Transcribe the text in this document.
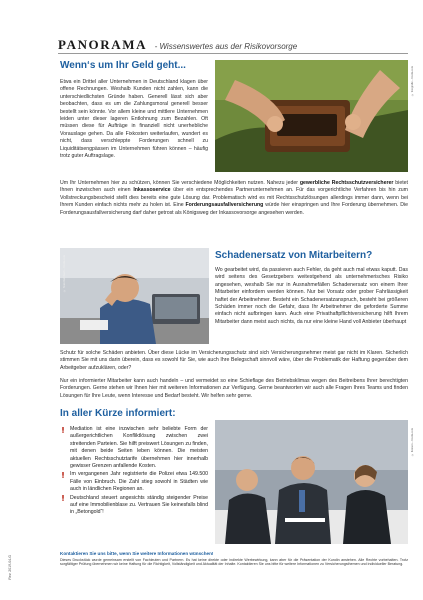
PANORAMA - Wissenswertes aus der Risikovorsorge
Wenn‘s um Ihr Geld geht...
Etwa ein Drittel aller Unternehmen in Deutschland klagen über offene Rechnungen. Weshalb Kunden nicht zahlen, kann die unterschiedlichsten Gründe haben. Generell lässt sich aber beobachten, dass es um die Zahlungsmoral generell besser bestellt sein könnte. Vor allem kleine und mittlere Unternehmen leiden unter dieser lageren Entlohnung zum Bezahlen. Oft müssen diese für Aufträge in finanziell nicht unerhebliche Vorauslage gehen. Da alle Fixkosten weiterlaufen, wundert es nicht, dass verschleppte Forderungen schnell zu Liquiditätsengpässen im Unternehmen führen können – häufig trotz guter Auftragslage.
© fotografie – fotolia.com
Um Ihr Unternehmen hier zu schützen, können Sie verschiedene Möglichkeiten nutzen. Nahezu jeder gewerbliche Rechtsschutzversicherer bietet Ihnen inzwischen auch einen Inkassoservice über ein entsprechendes Partnerunternehmen an. Für das vorgerichtliche Verfahren bis hin zum Vollstreckungsbescheid stellt dies bereits eine gute Lösung dar. Problematisch wird es mit Rechtsschutzlösungen allerdings immer dann, wenn bei Ihrem Kunden einfach nichts mehr zu holen ist. Eine Forderungsausfallversicherung würde hier einspringen und Ihre Forderung übernehmen. Die Forderungsausfallversicherung darf daher getrost als Königsweg der Inkassovorsorge angesehen werden.
© Sven Kernbach – fotolia.com	Schadenersatz von Mitarbeitern?
Wo gearbeitet wird, da passieren auch Fehler, da geht auch mal etwas kaputt. Das wird seitens des Gesetzgebers weitestgehend als unternehmerisches Risiko angesehen, weshalb Sie nur in Ausnahmefällen Schadenersatz von einem Ihrer Mitarbeiter einfordern werden können. Nur bei Vorsatz oder grober Fahrlässigkeit haftet der Arbeitnehmer. Besteht ein Schadenersatzanspruch, besteht bei größeren Schäden immer noch die Gefahr, dass Ihr Arbeitnehmer die geforderte Summe einfach nicht aufbringen kann. Auch eine Privathaftpflichtversicherung hilft Ihrem Mitarbeiter dann meist auch nichts, da nur eine kleine Hand voll Anbieter überhaupt
Schutz für solche Schäden anbieten. Über diese Lücke im Versicherungsschutz sind sich Versicherungsnehmer meist gar nicht im Klaren. Sicherlich stimmen Sie mit uns darin überein, dass es sowohl für Sie, wie auch Ihre Belegschaft sinnvoll wäre, über die Problematik der Haftung gegenüber dem Arbeitgeber aufzuklären, oder?
Nur ein informierter Mitarbeiter kann auch handeln – und vermeidet so eine Schieflage des Betriebsklimas wegen des Beitreibens Ihrer berechtigten Forderungen. Gerne stehen wir Ihnen hier mit weiteren Informationen zur Verfügung. Gerne beantworten wir auch alle Fragen Ihres Teams und finden Lösungen für Ihre Leute, wenn Interesse und Bedarf besteht. Wir helfen sehr gerne.
In aller Kürze informiert:
Mediation ist eine inzwischen sehr beliebte Form der außergerichtlichen Konfliktlösung zwischen zwei streitenden Parteien. Sie hilft preiswert Lösungen zu finden, mit denen beide Seiten leben können. Die meisten aktuellen Rechtsschutztarife übernehmen hier innerhalb gewisser Grenzen anfallende Kosten.
Im vergangenen Jahr registrierte die Polizei etwa 149.500 Fälle von Einbruch. Die Zahl stieg sowohl in Städten wie auch in ländlichen Regionen an.
Deutschland steuert angesichts ständig steigender Preise auf eine Immobilienblase zu. Vertrauen Sie keinesfalls blind in „Betongold“!
© Kzenon – fotolia.com
Kontaktieren Sie uns bitte, wenn Sie weitere Informationen wünschen!
Dieses Druckstück wurde gemeinsam erstellt von Fachleuten und Partnern. Es hat keine direkte oder indirekte Werbewirkung, kann aber für die Präsentation der Kundin anstehen. Alle Rechte vorbehalten. Trotz sorgfältiger Prüfung übernehmen wir keine Haftung für die Richtigkeit, Vollständigkeit und Aktualität der Inhalte. Kontaktieren Sie uns bitte für weitere Informationen zu Versicherungsthemen und individueller Beratung.
Rev. 2019-04-G
